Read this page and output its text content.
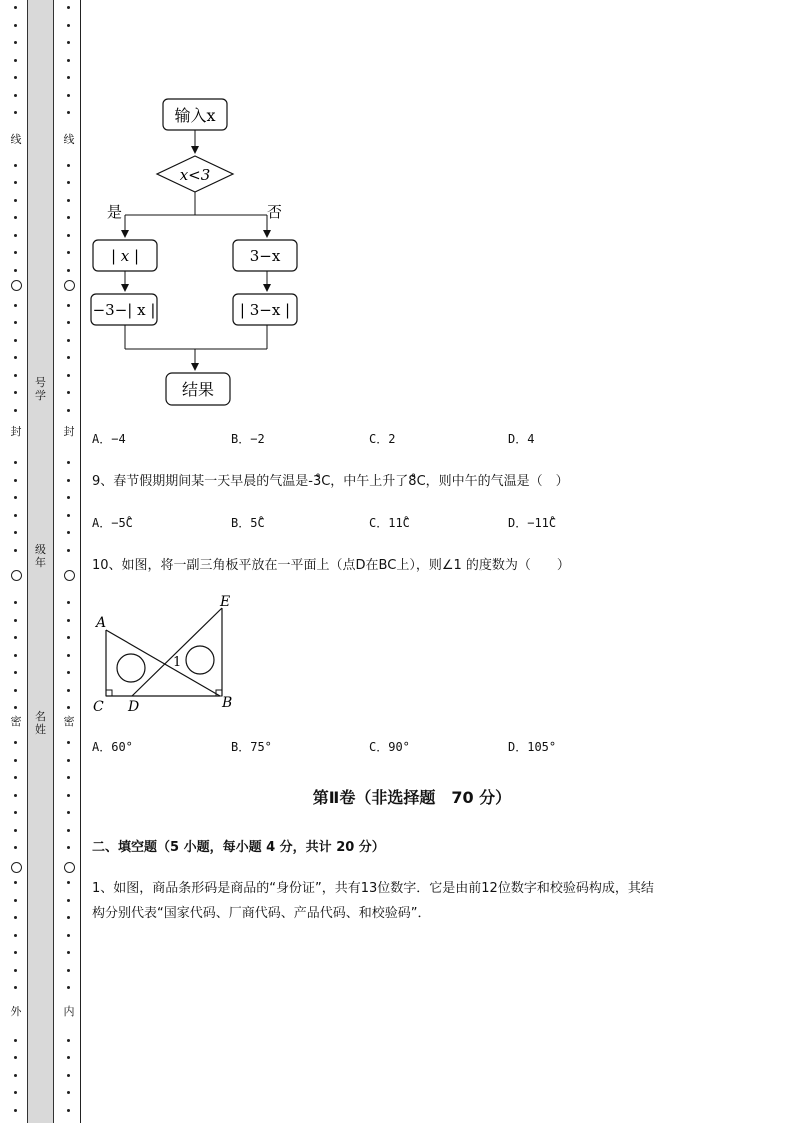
线
封
密
外
号学
级年
名姓
线
封
密
内
输入x
x<3
是	否
| x |	3−x
−3−| x |	| 3−x |
结果
A．−4	B．−2	C．2	D．4
9、春节假期期间某一天早晨的气温是-3̊C，中午上升了8̊C，则中午的气温是（　）
A．−5̊C	B．5̊C	C．11̊C	D．−11̊C
10、如图，将一副三角板平放在一平面上（点D在BC上），则∠1 的度数为（　　）
A
E
C D	B
1
A．60°	B．75°	C．90°	D．105°
第Ⅱ卷（非选择题　70 分）
二、填空题（5 小题，每小题 4 分，共计 20 分）
1、如图，商品条形码是商品的“身份证”，共有13位数字．它是由前12位数字和校验码构成，其结
构分别代表“国家代码、厂商代码、产品代码、和校验码”．
